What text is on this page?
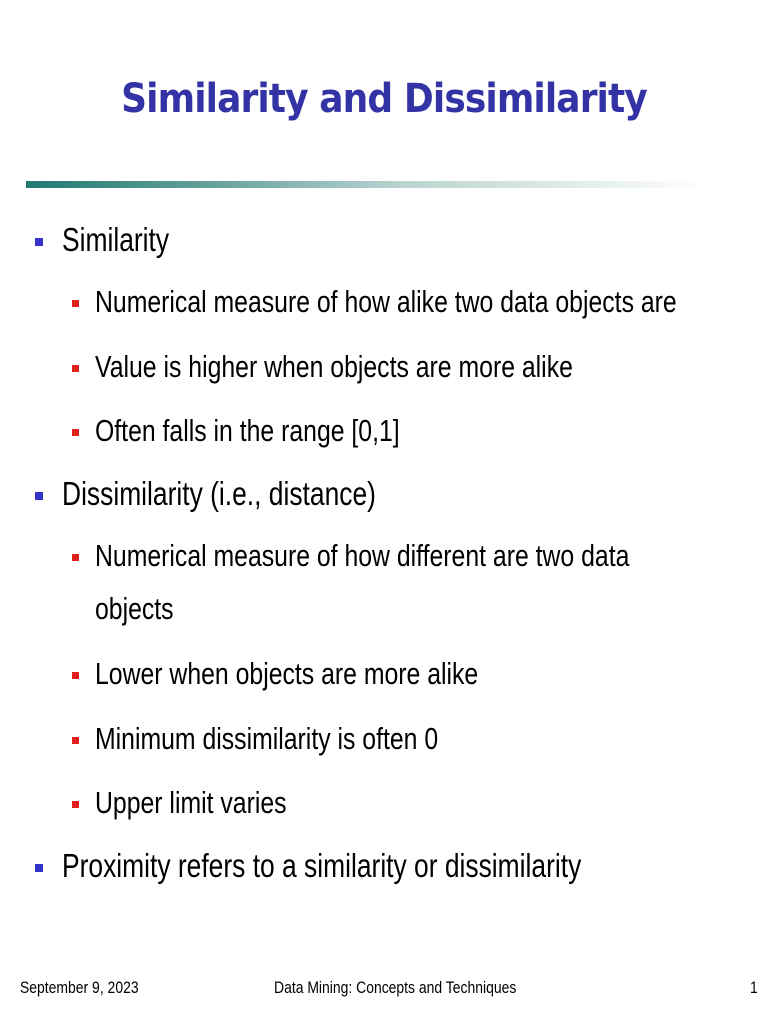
Similarity and Dissimilarity
Similarity
Numerical measure of how alike two data objects are
Value is higher when objects are more alike
Often falls in the range [0,1]
Dissimilarity (i.e., distance)
Numerical measure of how different are two data
objects
Lower when objects are more alike
Minimum dissimilarity is often 0
Upper limit varies
Proximity refers to a similarity or dissimilarity
September 9, 2023	Data Mining: Concepts and Techniques	1
